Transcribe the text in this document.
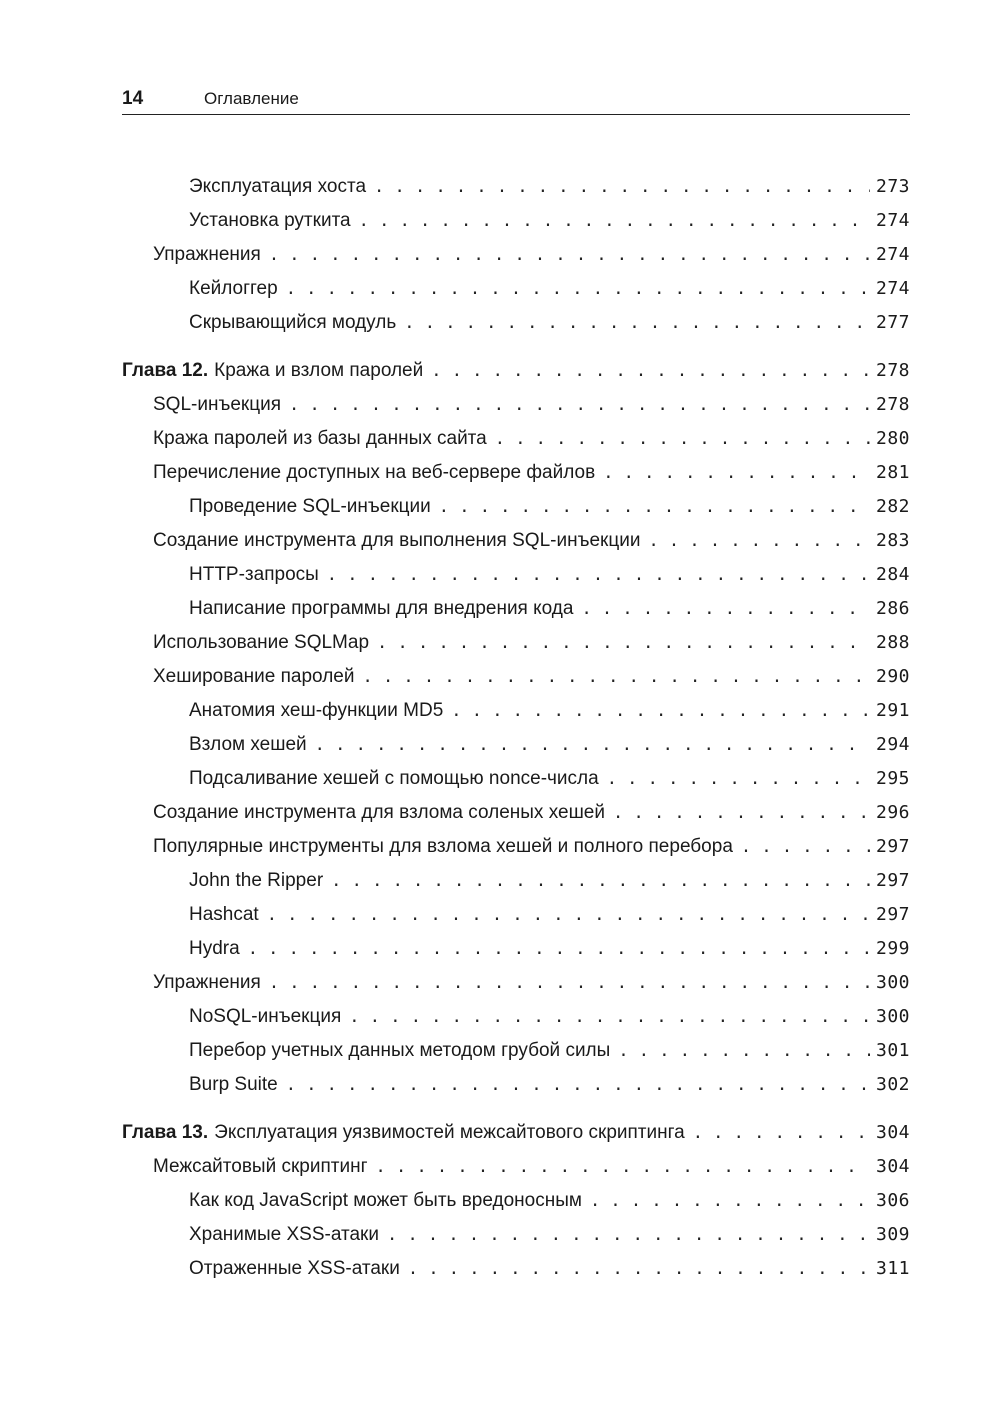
14	Оглавление
Эксплуатация хоста . . .	273
Установка руткита . . .	274
Упражнения . . .	274
Кейлоггер . . .	274
Скрывающийся модуль . . .	277
Глава 12. Кража и взлом паролей . . .	278
SQL-инъекция . . .	278
Кража паролей из базы данных сайта . . .	280
Перечисление доступных на веб-сервере файлов . . .	281
Проведение SQL-инъекции . . .	282
Создание инструмента для выполнения SQL-инъекции . . .	283
HTTP-запросы . . .	284
Написание программы для внедрения кода . . .	286
Использование SQLMap . . .	288
Хеширование паролей . . .	290
Анатомия хеш-функции MD5 . . .	291
Взлом хешей . . .	294
Подсаливание хешей с помощью nonce-числа . . .	295
Создание инструмента для взлома соленых хешей . . .	296
Популярные инструменты для взлома хешей и полного перебора . . .	297
John the Ripper . . .	297
Hashcat . . .	297
Hydra . . .	299
Упражнения . . .	300
NoSQL-инъекция . . .	300
Перебор учетных данных методом грубой силы . . .	301
Burp Suite . . .	302
Глава 13. Эксплуатация уязвимостей межсайтового скриптинга . . .	304
Межсайтовый скриптинг . . .	304
Как код JavaScript может быть вредоносным . . .	306
Хранимые XSS-атаки . . .	309
Отраженные XSS-атаки . . .	311
